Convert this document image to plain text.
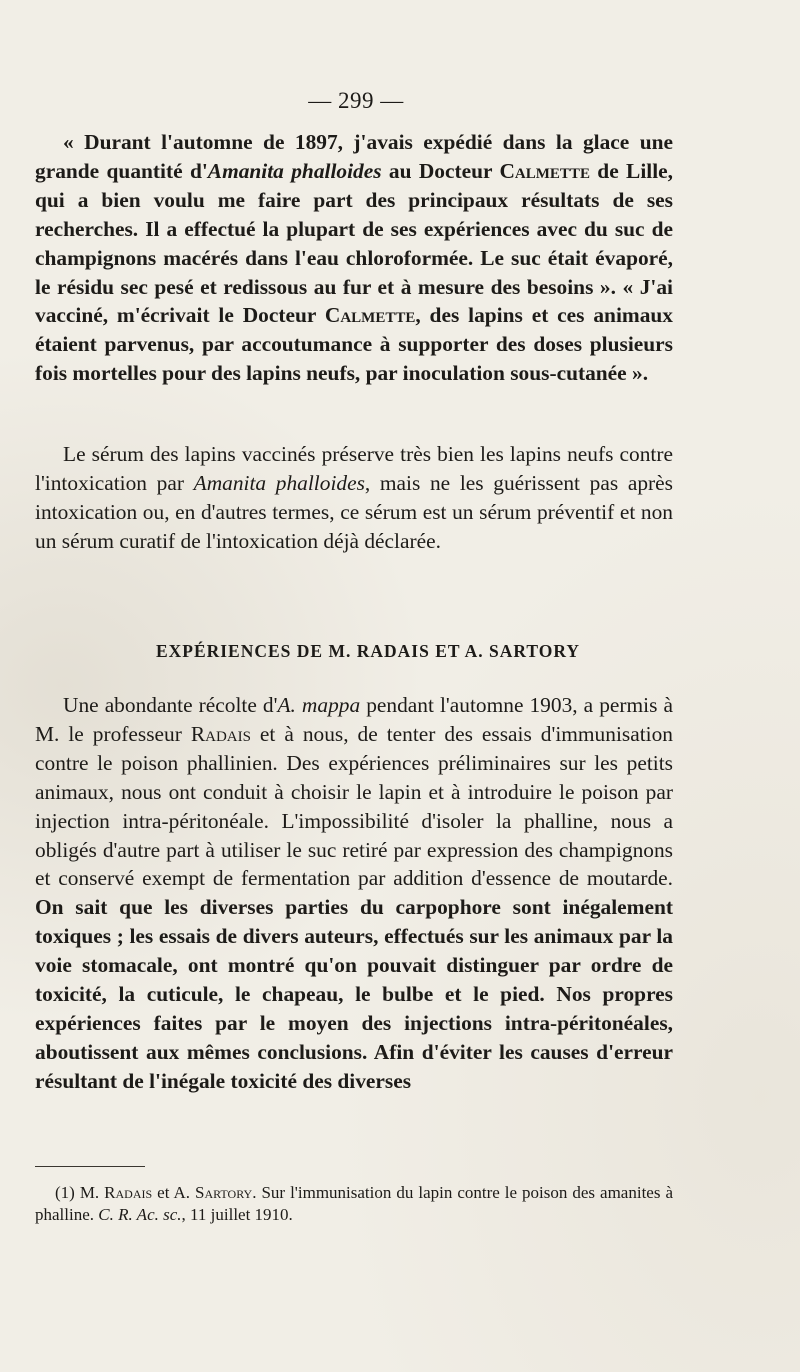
— 299 —

« Durant l'automne de 1897, j'avais expédié dans la glace une grande quantité d'Amanita phalloides au Docteur Calmette de Lille, qui a bien voulu me faire part des principaux résultats de ses recherches. Il a effectué la plupart de ses expériences avec du suc de champignons macérés dans l'eau chloroformée. Le suc était évaporé, le résidu sec pesé et redissous au fur et à mesure des besoins ». « J'ai vacciné, m'écrivait le Docteur Calmette, des lapins et ces animaux étaient parvenus, par accoutumance à supporter des doses plusieurs fois mortelles pour des lapins neufs, par inoculation sous-cutanée ».

Le sérum des lapins vaccinés préserve très bien les lapins neufs contre l'intoxication par Amanita phalloides, mais ne les guérissent pas après intoxication ou, en d'autres termes, ce sérum est un sérum préventif et non un sérum curatif de l'intoxication déjà déclarée.

EXPÉRIENCES DE M. RADAIS ET A. SARTORY

Une abondante récolte d'A. mappa pendant l'automne 1903, a permis à M. le professeur Radais et à nous, de tenter des essais d'immunisation contre le poison phallinien. Des expériences préliminaires sur les petits animaux, nous ont conduit à choisir le lapin et à introduire le poison par injection intra-péritonéale. L'impossibilité d'isoler la phalline, nous a obligés d'autre part à utiliser le suc retiré par expression des champignons et conservé exempt de fermentation par addition d'essence de moutarde. On sait que les diverses parties du carpophore sont inégalement toxiques ; les essais de divers auteurs, effectués sur les animaux par la voie stomacale, ont montré qu'on pouvait distinguer par ordre de toxicité, la cuticule, le chapeau, le bulbe et le pied. Nos propres expériences faites par le moyen des injections intra-péritonéales, aboutissent aux mêmes conclusions. Afin d'éviter les causes d'erreur résultant de l'inégale toxicité des diverses

(1) M. Radais et A. Sartory. Sur l'immunisation du lapin contre le poison des amanites à phalline. C. R. Ac. sc., 11 juillet 1910.
